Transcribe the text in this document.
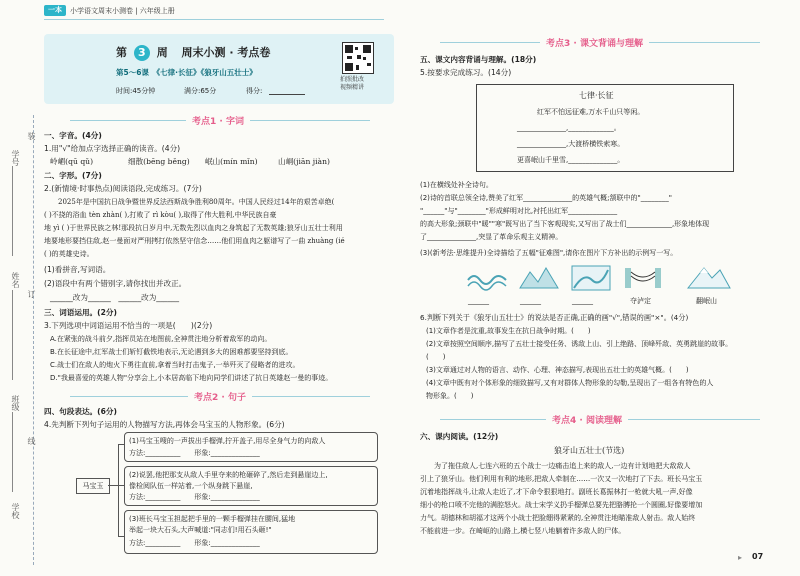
学号
姓名
班级
学校
装
订
线
一本	小学语文周末小测卷 | 六年级上册
第 3 周 周末小测 · 考点卷
第5～6课　《七律·长征》《狼牙山五壮士》
时间:45分钟	满分:65分	得分:
拍照批改
视频精讲
考点1 · 字词
一、字音。(4分)
1.用"√"给加点字选择正确的读音。(4分)
岭嵋(qū qǔ)	细散(bēng běng) 岷山(mín mǐn)	山峒(jiān jiàn)
二、字形。(7分)
2.(新情境·时事热点)阅读语段,完成练习。(7分)
　　2025年是中国抗日战争暨世界反法西斯战争胜利80周年。中国人民经过14年的艰苦卓绝(
( )不挠的浴血 tèn zhàn( ),打败了 rì kòu( ),取得了伟大胜利,中华民族自豪
地 yì ( )于世界民族之林!那段抗日岁月中,无数先烈以血肉之身筑起了无数英雄;狼牙山五壮士利用
地要地形要挡住敌,赵一曼面对严刑拷打依然坚守信念……他们用血肉之躯谱写了一曲 zhuàng (ié
( )的英雄史诗。
(1)看拼音,写词语。
(2)语段中有两个错别字,请你找出并改正。
______改为______　______改为______
三、词语运用。(2分)
3.下列选项中词语运用不恰当的一项是(　　)(2分)
A.在紧张的战斗前夕,指挥员站在地图前,全神贯注地分析着敌军的动向。
B.在长征途中,红军战士们斩钉截铁地表示,无论遇到多大的困难都要坚持到底。
C.战士们在敌人的炮火下勇往直前,拿着当时打击鬼子,一举歼灭了侵略者的进攻。
D."我最喜爱的英雄人物"分享会上,小本居高临下地向同学们讲述了抗日英雄赵一曼的事迹。
考点2 · 句子
四、句段表达。(6分)
4.先判断下列句子运用的人物描写方法,再体会马宝玉的人物形象。(6分)
马宝玉
(1)马宝玉嗖的一声拔出手榴弹,拧开盖子,用尽全身气力的向敌人
方法:__________　　形象:______________
(2)说罢,他把那支从敌人手里夺来的枪砸碎了,然后走到悬崖边上,
像检阅队伍一样站着,一个纵身跳下悬崖,
方法:__________　　形象:______________
(3)班长马宝玉担起把手里的一颗手榴弹挂在腰间,猛地
举起一块大石头,大声喊道:"同志们!用石头砸!"
方法:__________　　形象:______________
考点3 · 课文背诵与理解
五、课文内容背诵与理解。(18分)
5.按要求完成练习。(14分)
七律·长征
红军不怕远征难,万水千山只等闲。
______________,_____________。
______________,大渡桥横铁索寒。
更喜岷山千里雪,______________。
(1)在横线处补全诗句。
(2)诗的首联总领全诗,赞美了红军______________的英雄气概;颔联中的"________"
"______"与"________"形成鲜明对比,衬托出红军______________
的高大形象;颈联中"暖""寒"既写出了当下客观现实,又写出了战士们_____________,形象地体现
了______________,突显了革命乐观主义精神。
(3)(新考法·思维提升)全诗描绘了五幅"征难图",请你在图片下方补出的示例写一写。
______	______	______	夺泸定	翻岷山
6.判断下列关于《狼牙山五壮士》的说法是否正确,正确的画"√",错误的画"×"。(4分)
(1)文章作者是沈重,故事发生在抗日战争时期。(　　)
(2)文章按照空间顺序,描写了五壮士接受任务、诱敌上山、引上绝路、顶峰歼敌、英勇跳崖的故事。
(　　)
(3)文章通过对人物的语言、动作、心理、神态描写,表现出五壮士的英雄气概。(　　)
(4)文章中既有对个体形象的细致描写,又有对群体人物形象的勾勒,呈现出了一组各有特色的人
物形象。(　　)
考点4 · 阅读理解
六、课内阅读。(12分)
狼牙山五壮士(节选)
　　为了拖住敌人,七连六班的五个战士一边痛击追上来的敌人,一边有计划地把大敌敌人
引上了狼牙山。他们利用有利的地形,把敌人牵制在……一次又一次地打了下去。班长马宝玉
沉着地指挥战斗,让敌人走近了,才下命令狠狠地打。副班长葛振林打一枪就大吼一声,好像
细小的枪口喷不完他的满腔怒火。战士宋学义扔手榴弹总要先把胳膊抡一个圆圈,好像要增加
力气。胡德林和胡福才这两个小战士把脸绷得紧紧的,全神贯注地瞄准敌人射击。敌人始终
不能前进一步。在崎岖的山路上,横七竖八地躺着许多敌人的尸体。
▸ 07
